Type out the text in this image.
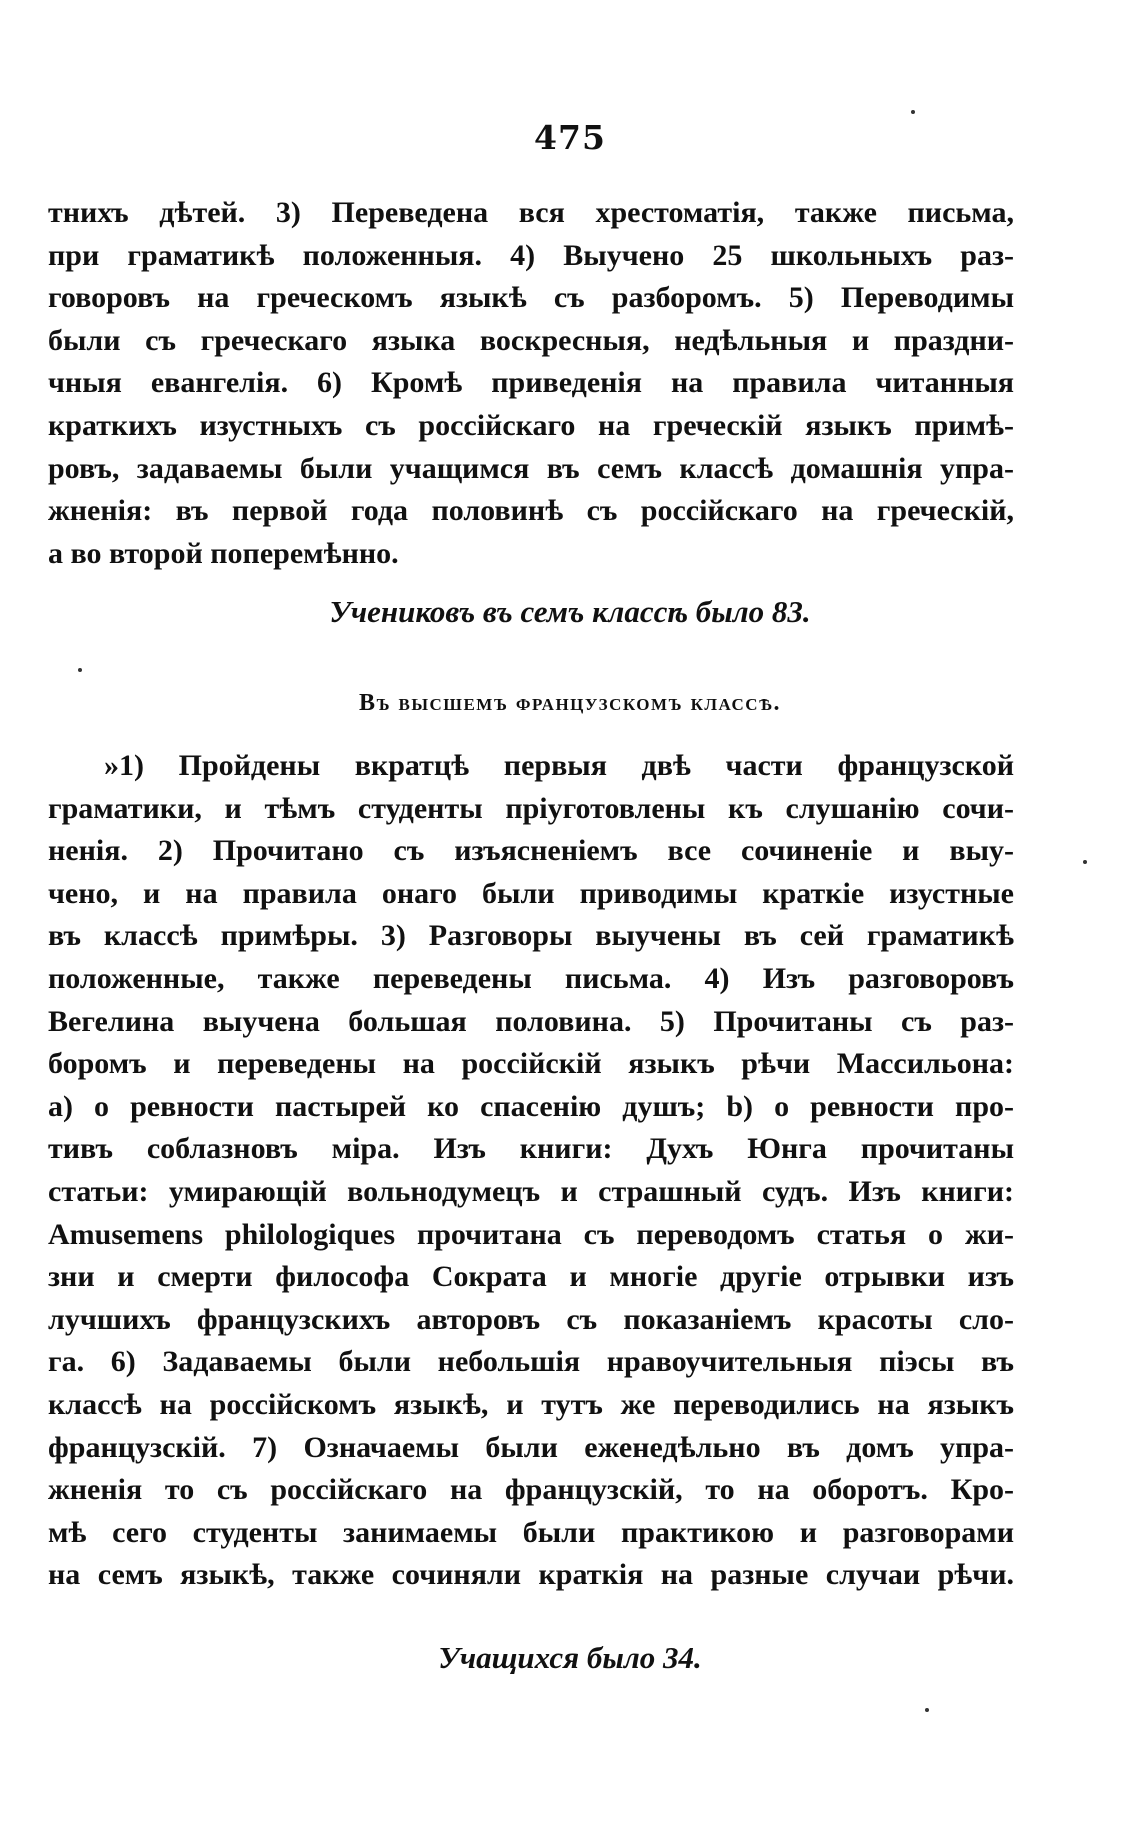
475
тнихъ дѣтей. 3) Переведена вся хрестоматія, также письма,
при граматикѣ положенныя. 4) Выучено 25 школьныхъ раз-
говоровъ на греческомъ языкѣ съ разборомъ. 5) Переводимы
были съ греческаго языка воскресныя, недѣльныя и праздни-
чныя евангелія. 6) Кромѣ приведенія на правила читанныя
краткихъ изустныхъ съ россійскаго на греческій языкъ примѣ-
ровъ, задаваемы были учащимся въ семъ классѣ домашнія упра-
жненія: въ первой года половинѣ съ россійскаго на греческій,
а во второй поперемѣнно.
Учениковъ въ семъ классѣ было 83.
Въ высшемъ французскомъ классѣ.
»1) Пройдены вкратцѣ первыя двѣ части французской
граматики, и тѣмъ студенты пріуготовлены къ слушанію сочи-
ненія. 2) Прочитано съ изъясненіемъ все сочиненіе и выу-
чено, и на правила онаго были приводимы краткіе изустные
въ классѣ примѣры. 3) Разговоры выучены въ сей граматикѣ
положенные, также переведены письма. 4) Изъ разговоровъ
Вегелина выучена большая половина. 5) Прочитаны съ раз-
боромъ и переведены на россійскій языкъ рѣчи Массильона:
а) о ревности пастырей ко спасенію душъ; b) о ревности про-
тивъ соблазновъ міра. Изъ книги: Духъ Юнга прочитаны
статьи: умирающій вольнодумецъ и страшный судъ. Изъ книги:
Amusemens philologiques прочитана съ переводомъ статья о жи-
зни и смерти философа Сократа и многіе другіе отрывки изъ
лучшихъ французскихъ авторовъ съ показаніемъ красоты сло-
га. 6) Задаваемы были небольшія нравоучительныя піэсы въ
классѣ на россійскомъ языкѣ, и тутъ же переводились на языкъ
французскій. 7) Означаемы были еженедѣльно въ домъ упра-
жненія то съ россійскаго на французскій, то на оборотъ. Кро-
мѣ сего студенты занимаемы были практикою и разговорами
на семъ языкѣ, также сочиняли краткія на разные случаи рѣчи.
Учащихся было 34.
